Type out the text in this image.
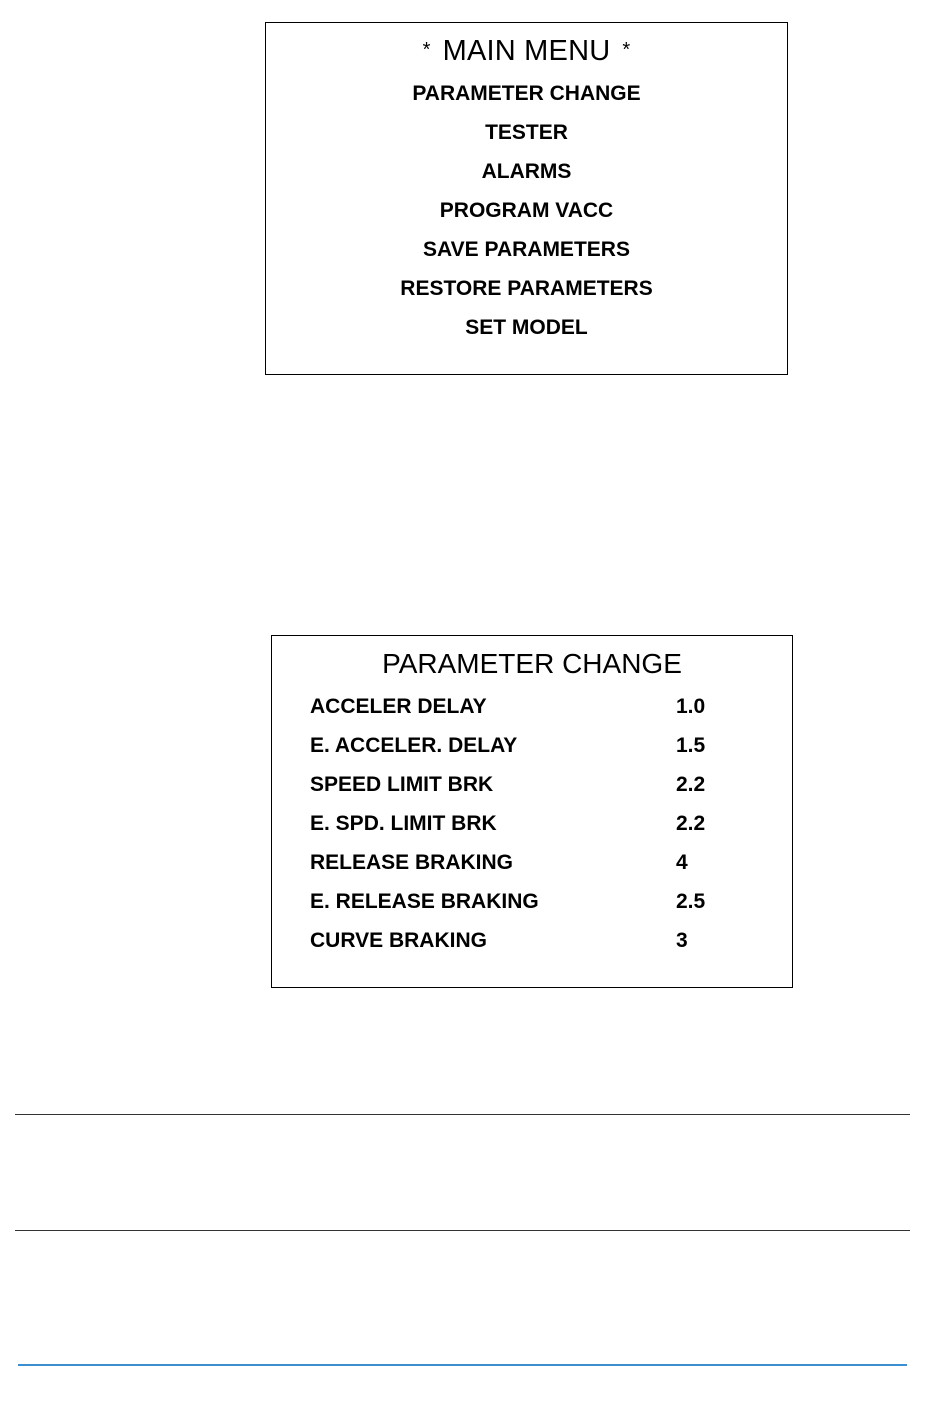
* MAIN MENU *
PARAMETER CHANGE
TESTER
ALARMS
PROGRAM VACC
SAVE PARAMETERS
RESTORE PARAMETERS
SET MODEL
PARAMETER CHANGE
ACCELER DELAY	1.0
E. ACCELER. DELAY	1.5
SPEED LIMIT BRK	2.2
E. SPD. LIMIT BRK	2.2
RELEASE BRAKING	4
E. RELEASE BRAKING	2.5
CURVE BRAKING	3
